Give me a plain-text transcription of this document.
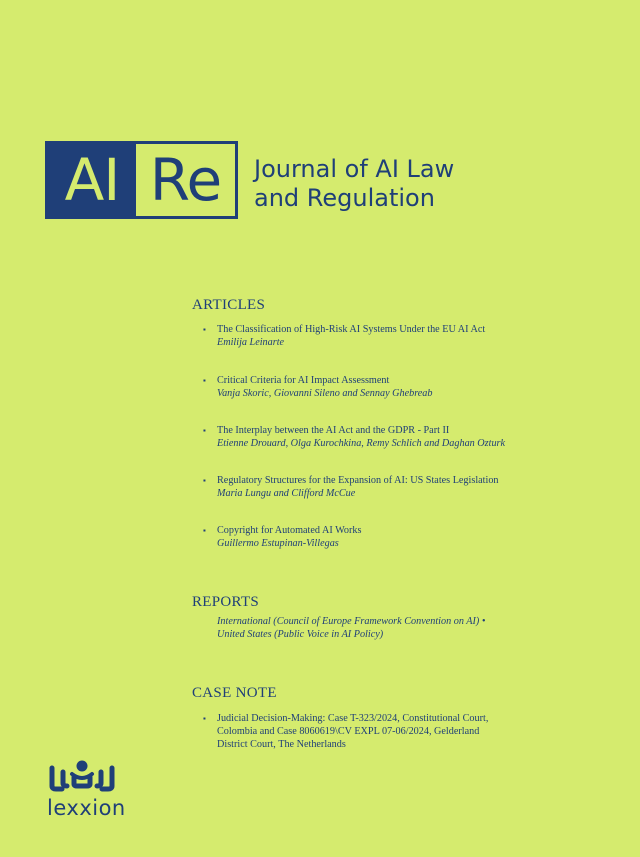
AI Re	Journal of AI Law
and Regulation
ARTICLES
▪ The Classification of High-Risk AI Systems Under the EU AI Act
Emilija Leinarte
▪ Critical Criteria for AI Impact Assessment
Vanja Skoric, Giovanni Sileno and Sennay Ghebreab
▪ The Interplay between the AI Act and the GDPR - Part II
Etienne Drouard, Olga Kurochkina, Remy Schlich and Daghan Ozturk
▪ Regulatory Structures for the Expansion of AI: US States Legislation
Maria Lungu and Clifford McCue
▪ Copyright for Automated AI Works
Guillermo Estupinan-Villegas
REPORTS
International (Council of Europe Framework Convention on AI) •
United States (Public Voice in AI Policy)
CASE NOTE
▪ Judicial Decision-Making: Case T-323/2024, Constitutional Court,
Colombia and Case 8060619\CV EXPL 07-06/2024, Gelderland
District Court, The Netherlands
lexxion
